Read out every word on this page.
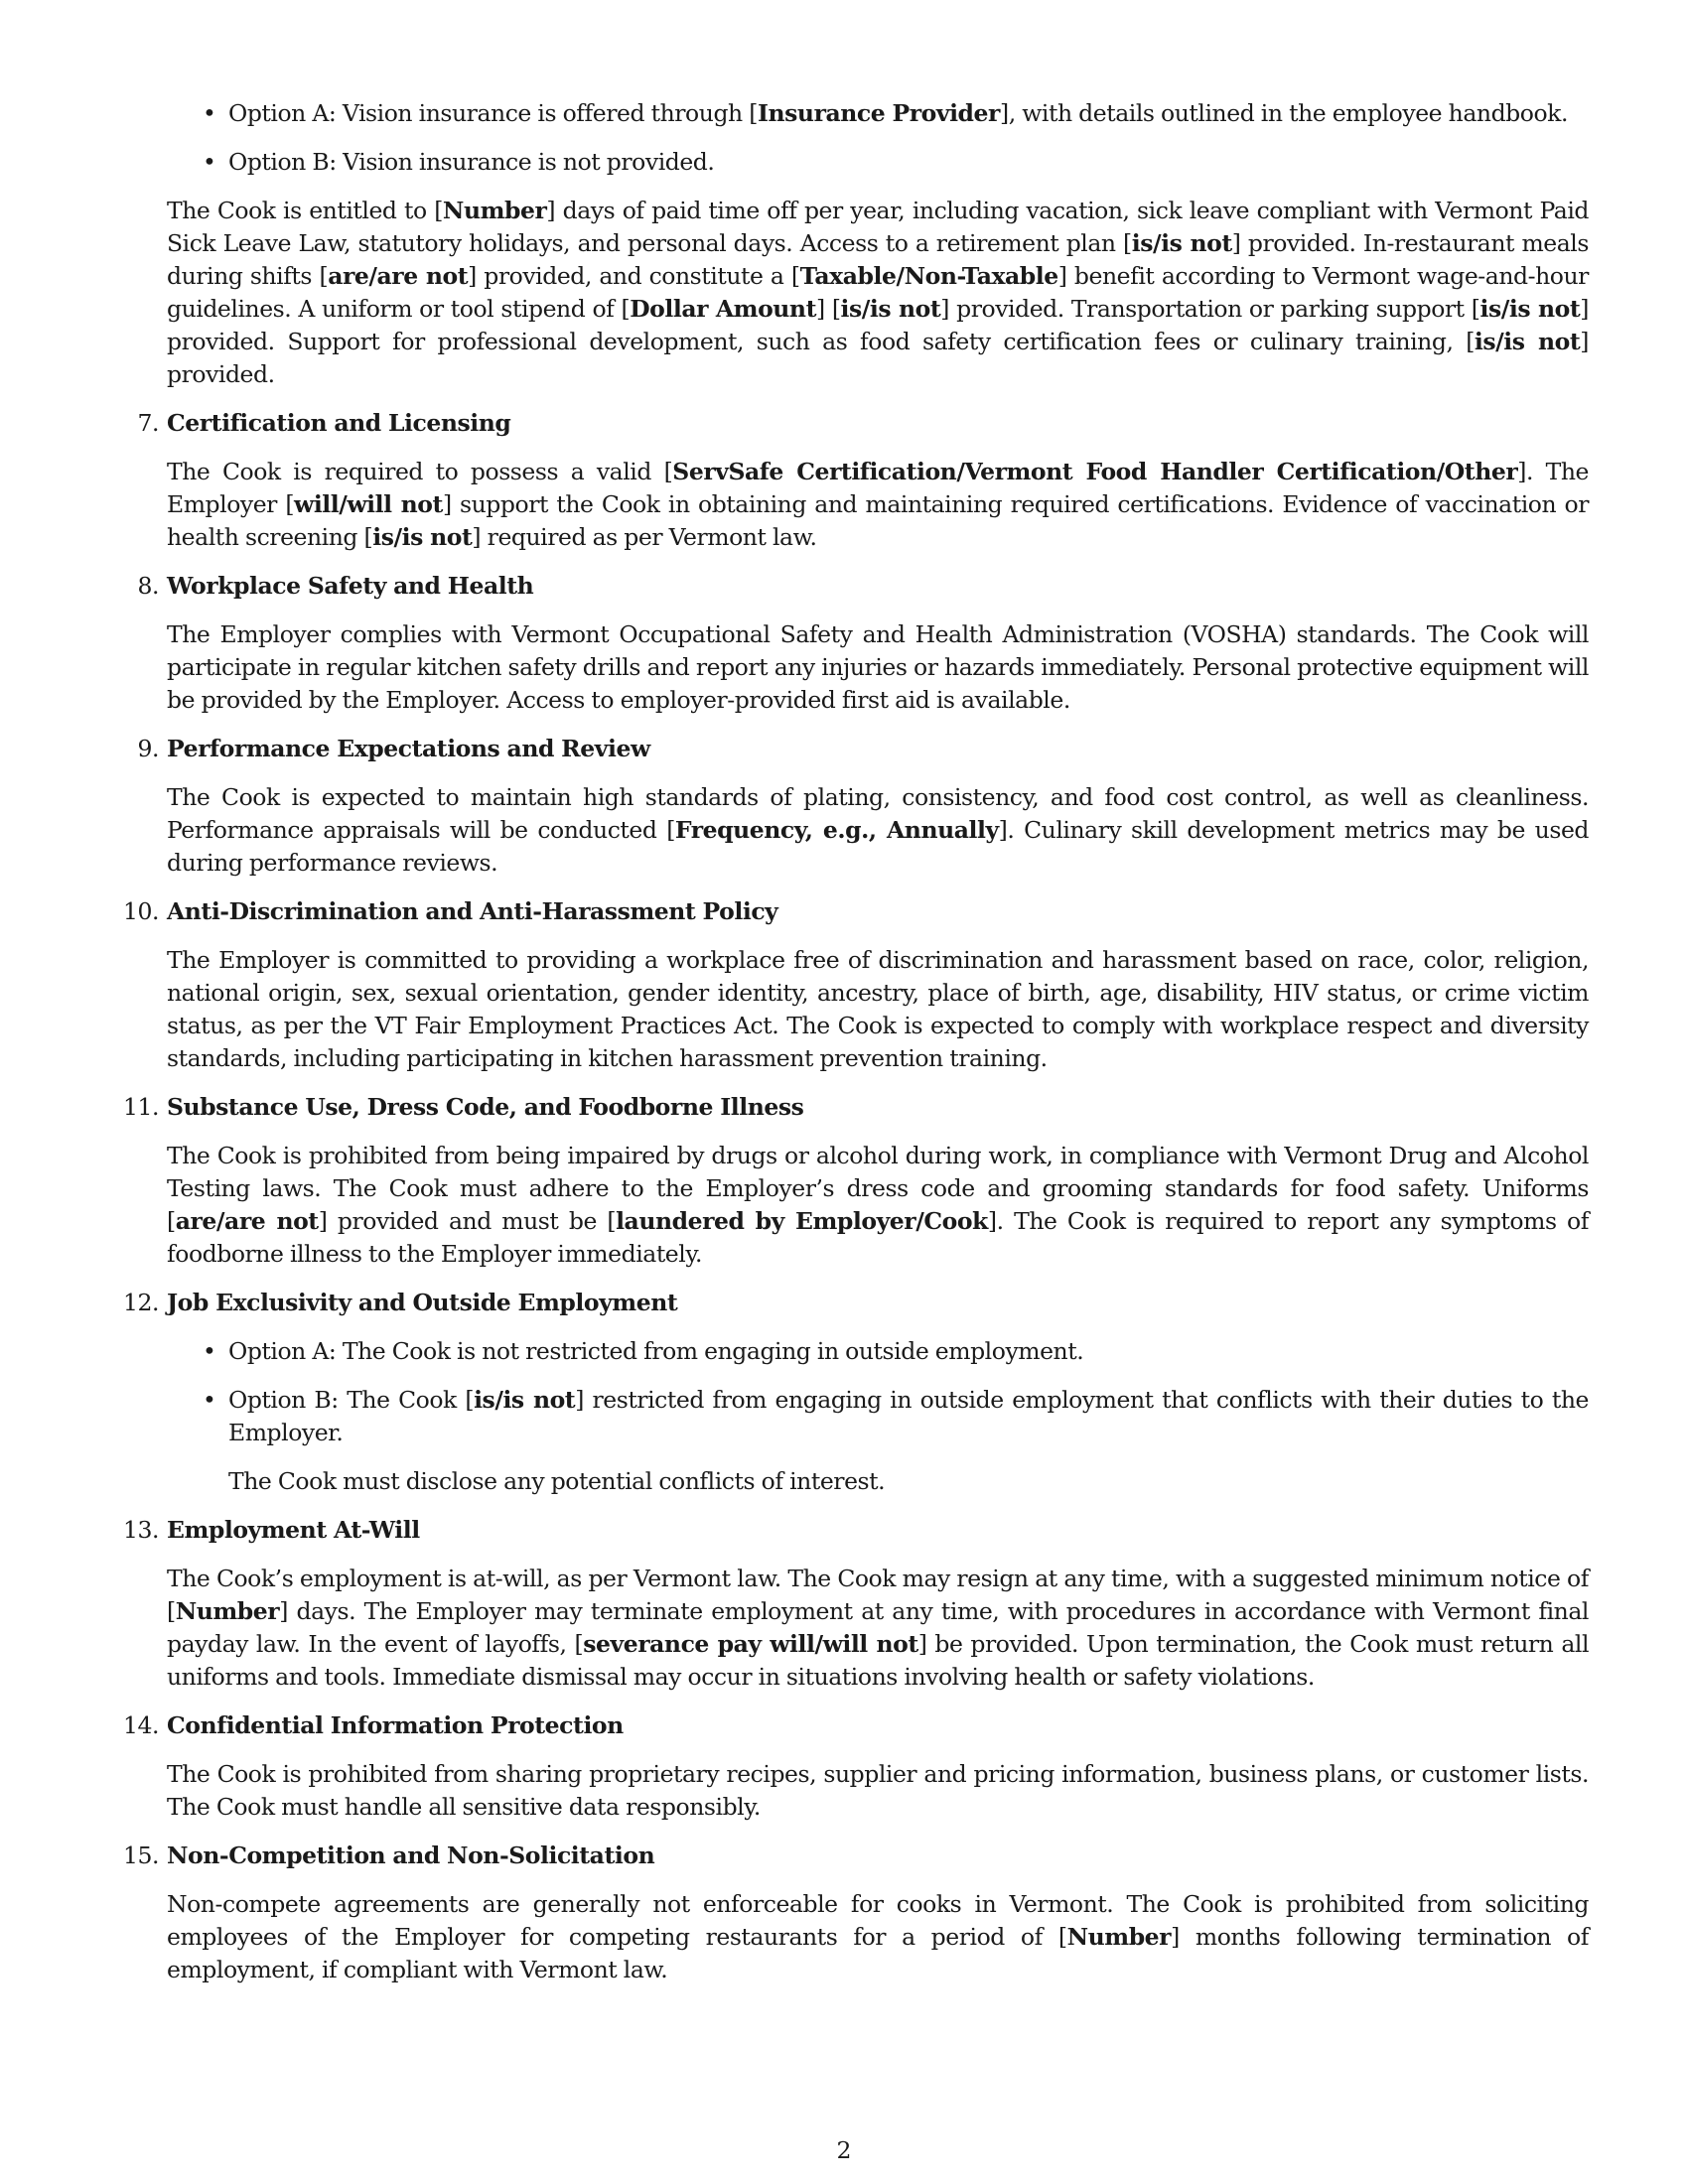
• Option A: Vision insurance is offered through [Insurance Provider], with details outlined in the employee handbook.
• Option B: Vision insurance is not provided.

The Cook is entitled to [Number] days of paid time off per year, including vacation, sick leave compliant with Vermont Paid Sick Leave Law, statutory holidays, and personal days. Access to a retirement plan [is/is not] provided. In-restaurant meals during shifts [are/are not] provided, and constitute a [Taxable/Non-Taxable] benefit according to Vermont wage-and-hour guidelines. A uniform or tool stipend of [Dollar Amount] [is/is not] provided. Transportation or parking support [is/is not] provided. Support for professional development, such as food safety certification fees or culinary training, [is/is not] provided.

7. Certification and Licensing

The Cook is required to possess a valid [ServSafe Certification/Vermont Food Handler Certification/Other]. The Employer [will/will not] support the Cook in obtaining and maintaining required certifications. Evidence of vaccination or health screening [is/is not] required as per Vermont law.

8. Workplace Safety and Health

The Employer complies with Vermont Occupational Safety and Health Administration (VOSHA) standards. The Cook will participate in regular kitchen safety drills and report any injuries or hazards immediately. Personal protective equipment will be provided by the Employer. Access to employer-provided first aid is available.

9. Performance Expectations and Review

The Cook is expected to maintain high standards of plating, consistency, and food cost control, as well as cleanliness. Performance appraisals will be conducted [Frequency, e.g., Annually]. Culinary skill development metrics may be used during performance reviews.

10. Anti-Discrimination and Anti-Harassment Policy

The Employer is committed to providing a workplace free of discrimination and harassment based on race, color, religion, national origin, sex, sexual orientation, gender identity, ancestry, place of birth, age, disability, HIV status, or crime victim status, as per the VT Fair Employment Practices Act. The Cook is expected to comply with workplace respect and diversity standards, including participating in kitchen harassment prevention training.

11. Substance Use, Dress Code, and Foodborne Illness

The Cook is prohibited from being impaired by drugs or alcohol during work, in compliance with Vermont Drug and Alcohol Testing laws. The Cook must adhere to the Employer’s dress code and grooming standards for food safety. Uniforms [are/are not] provided and must be [laundered by Employer/Cook]. The Cook is required to report any symptoms of foodborne illness to the Employer immediately.

12. Job Exclusivity and Outside Employment
• Option A: The Cook is not restricted from engaging in outside employment.
• Option B: The Cook [is/is not] restricted from engaging in outside employment that conflicts with their duties to the Employer.

The Cook must disclose any potential conflicts of interest.

13. Employment At-Will

The Cook’s employment is at-will, as per Vermont law. The Cook may resign at any time, with a suggested minimum notice of [Number] days. The Employer may terminate employment at any time, with procedures in accordance with Vermont final payday law. In the event of layoffs, [severance pay will/will not] be provided. Upon termination, the Cook must return all uniforms and tools. Immediate dismissal may occur in situations involving health or safety violations.

14. Confidential Information Protection

The Cook is prohibited from sharing proprietary recipes, supplier and pricing information, business plans, or customer lists. The Cook must handle all sensitive data responsibly.

15. Non-Competition and Non-Solicitation

Non-compete agreements are generally not enforceable for cooks in Vermont. The Cook is prohibited from soliciting employees of the Employer for competing restaurants for a period of [Number] months following termination of employment, if compliant with Vermont law.

2
